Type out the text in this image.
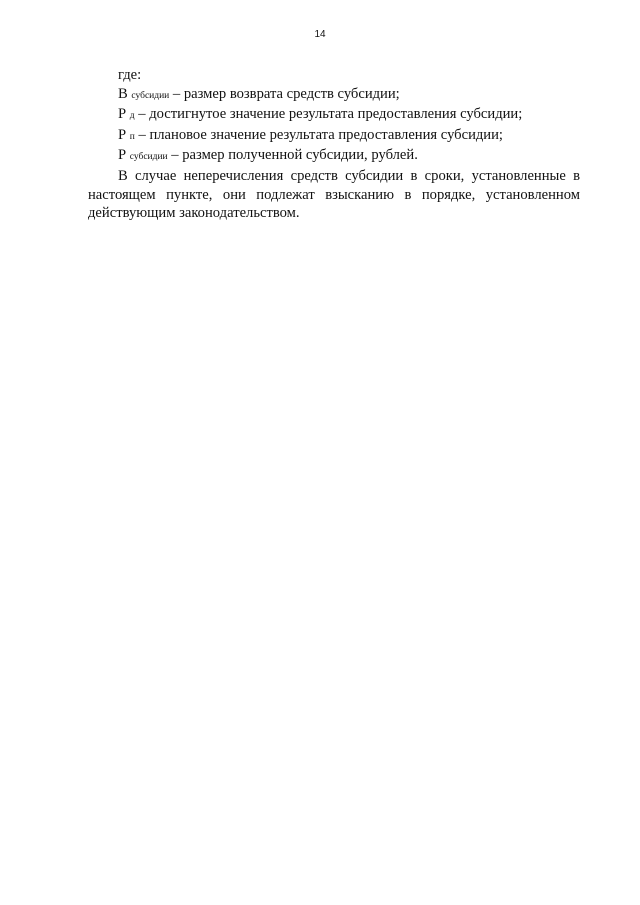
14

где:

В субсидии – размер возврата средств субсидии;

Р д – достигнутое значение результата предоставления субсидии;

Р п – плановое значение результата предоставления субсидии;

Р субсидии – размер полученной субсидии, рублей.

В случае неперечисления средств субсидии в сроки, установленные в настоящем пункте, они подлежат взысканию в порядке, установленном действующим законодательством.
